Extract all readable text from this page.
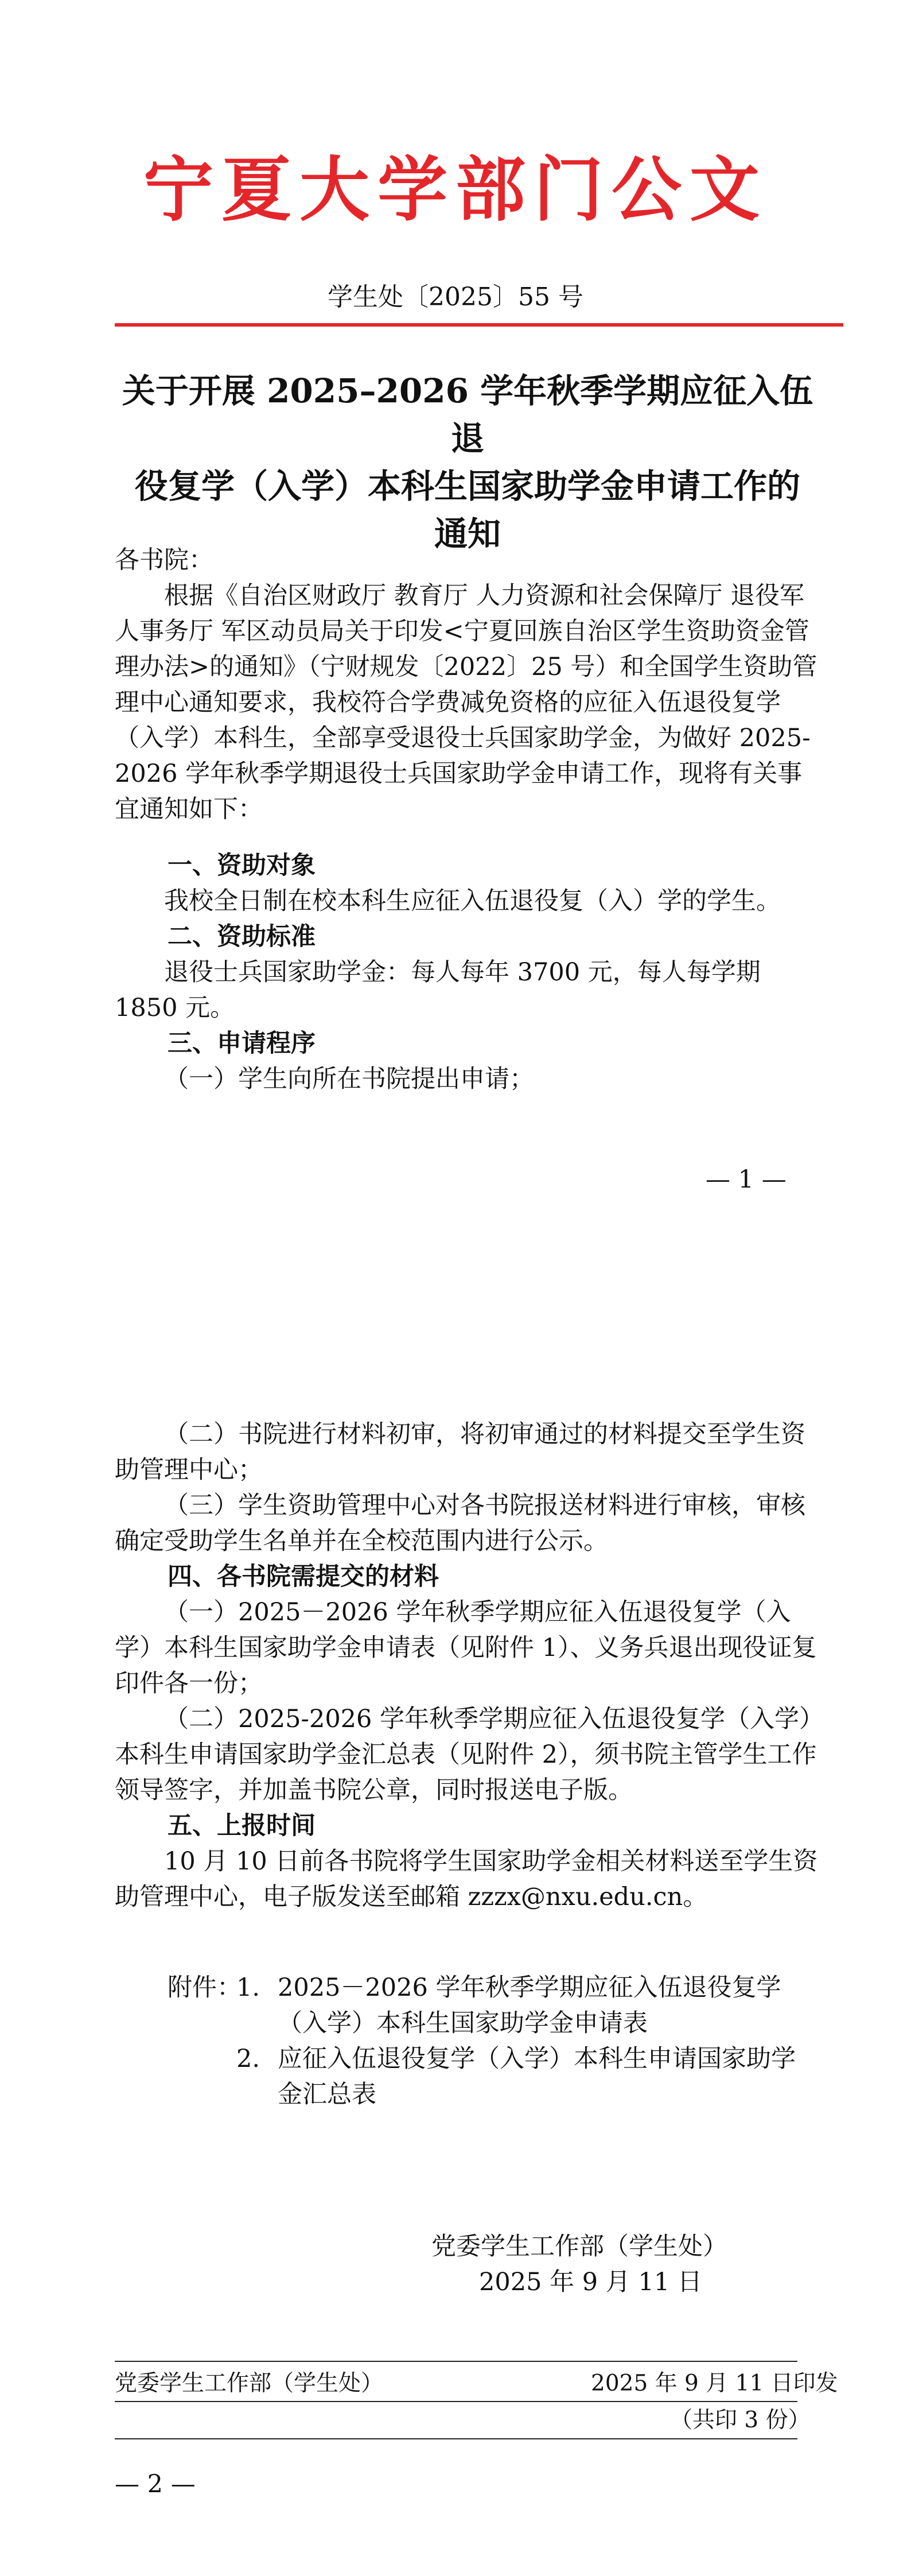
宁夏大学部门公文
学生处〔2025〕55 号
关于开展 2025–2026 学年秋季学期应征入伍退
役复学（入学）本科生国家助学金申请工作的
通知
各书院：
根据《自治区财政厅 教育厅 人力资源和社会保障厅 退役军人事务厅 军区动员局关于印发<宁夏回族自治区学生资助资金管理办法>的通知》（宁财规发〔2022〕25 号）和全国学生资助管理中心通知要求，我校符合学费减免资格的应征入伍退役复学（入学）本科生，全部享受退役士兵国家助学金，为做好 2025-2026 学年秋季学期退役士兵国家助学金申请工作，现将有关事宜通知如下：
一、资助对象
我校全日制在校本科生应征入伍退役复（入）学的学生。
二、资助标准
退役士兵国家助学金：每人每年 3700 元，每人每学期 1850 元。
三、申请程序
（一）学生向所在书院提出申请；
— 1 —
（二）书院进行材料初审，将初审通过的材料提交至学生资助管理中心；
（三）学生资助管理中心对各书院报送材料进行审核，审核确定受助学生名单并在全校范围内进行公示。
四、各书院需提交的材料
（一）2025－2026 学年秋季学期应征入伍退役复学（入学）本科生国家助学金申请表（见附件 1）、义务兵退出现役证复印件各一份；
（二）2025-2026 学年秋季学期应征入伍退役复学（入学）本科生申请国家助学金汇总表（见附件 2），须书院主管学生工作领导签字，并加盖书院公章，同时报送电子版。
五、上报时间
10 月 10 日前各书院将学生国家助学金相关材料送至学生资助管理中心，电子版发送至邮箱 zzzx@nxu.edu.cn。
附件：
1. 2025－2026 学年秋季学期应征入伍退役复学（入学）本科生国家助学金申请表
2. 应征入伍退役复学（入学）本科生申请国家助学金汇总表
党委学生工作部（学生处）
2025 年 9 月 11 日
党委学生工作部（学生处）	2025 年 9 月 11 日印发
（共印 3 份）
— 2 —
